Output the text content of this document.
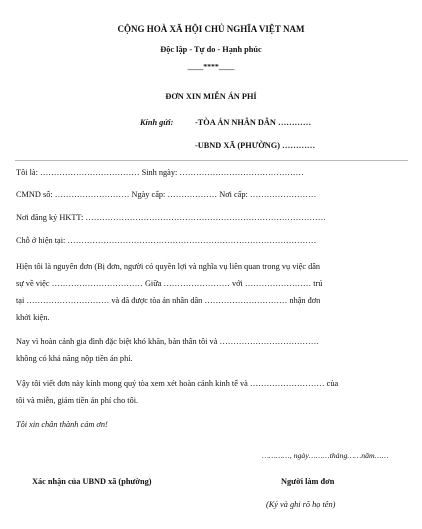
CỘNG HOÀ XÃ HỘI CHỦ NGHĨA VIỆT NAM
Độc lập - Tự do - Hạnh phúc
____****____
ĐƠN XIN MIỄN ÁN PHÍ
Kính gửi:	-TÒA ÁN NHÂN DÂN …………
-UBND XÃ (PHƯỜNG) …………
Tôi là: ……………………………… Sinh ngày: ………………………………………
CMND số: ……………………… Ngày cấp: ……………… Nơi cấp: ……………………
Nơi đăng ký HKTT: ……………………………………………………………………………
Chỗ ở hiện tại: ………………………………………………………………………………
Hiện tôi là nguyên đơn (Bị đơn, người có quyền lợi và nghĩa vụ liên quan trong vụ việc dân
sự về việc …………………………… Giữa …………………… với …………………… trú
tại ………………………… và đã được tòa án nhân dân ………………………… nhận đơn
khởi kiện.
Nay vì hoàn cảnh gia đình đặc biệt khó khăn, bản thân tôi và ………………………………
không có khả năng nộp tiền án phí.
Vậy tôi viết đơn này kính mong quý tòa xem xét hoàn cảnh kinh tế và ……………………… của
tôi và miễn, giảm tiền án phí cho tôi.
Tôi xin chân thành cảm ơn!
…………, ngày………tháng……năm……
Xác nhận của UBND xã (phường)	Người làm đơn
(Ký và ghi rõ họ tên)
